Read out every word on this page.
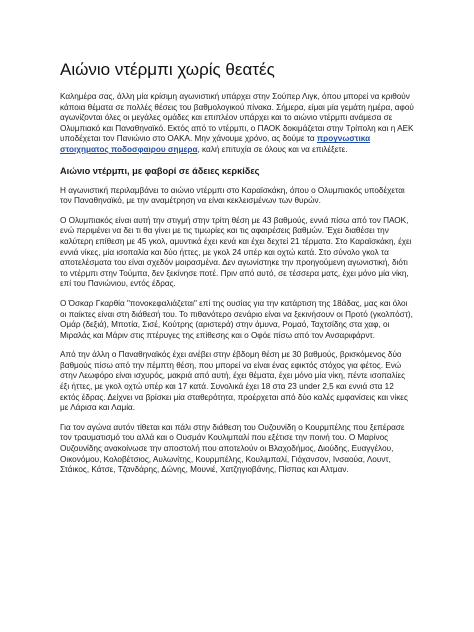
Αιώνιο ντέρμπι χωρίς θεατές

Καλημέρα σας, άλλη μία κρίσιμη αγωνιστική υπάρχει στην Σούπερ Λιγκ, όπου μπορεί να κριθούν κάποια θέματα σε πολλές θέσεις του βαθμολογικού πίνακα. Σήμερα, είμαι μία γεμάτη ημέρα, αφού αγωνίζονται όλες οι μεγάλες ομάδες και επιπλέον υπάρχει και το αιώνιο ντέρμπι ανάμεσα σε Ολυμπιακό και Παναθηναϊκό. Εκτός από το ντέρμπι, ο ΠΑΟΚ δοκιμάζεται στην Τρίπολη και η ΑΕΚ υποδέχεται τον Πανιώνιο στο ΟΑΚΑ. Μην χάνουμε χρόνο, ας δούμε τα προγνωστικα στοιχηματος ποδοσφαιρου σημερα, καλή επιτυχία σε όλους και να επιλέξετε.

Αιώνιο ντέρμπι, με φαβορί σε άδειες κερκίδες

Η αγωνιστική περιλαμβάνει το αιώνιο ντέρμπι στο Καραϊσκάκη, όπου ο Ολυμπιακός υποδέχεται τον Παναθηναϊκό, με την αναμέτρηση να είναι κεκλεισμένων των θυρών.

Ο Ολυμπιακός είναι αυτή την στιγμή στην τρίτη θέση με 43 βαθμούς, εννιά πίσω από τον ΠΑΟΚ, ενώ περιμένει να δει τι θα γίνει με τις τιμωρίες και τις αφαιρέσεις βαθμών. Έχει διαθέσει την καλύτερη επίθεση με 45 γκολ, αμυντικά έχει κενά και έχει δεχτεί 21 τέρματα. Στο Καραϊσκάκη, έχει εννιά νίκες, μία ισοπαλία και δύο ήττες, με γκολ 24 υπέρ και οχτώ κατά. Στο σύνολο γκολ τα αποτελέσματα του είναι σχεδόν μοιρασμένα. Δεν αγωνίστηκε την προηγούμενη αγωνιστική, διότι το ντέρμπι στην Τούμπα, δεν ξεκίνησε ποτέ. Πριν από αυτό, σε τέσσερα ματς, έχει μόνο μία νίκη, επί του Πανιώνιου, εντός έδρας.

Ο Όσκαρ Γκαρθία "πονοκεφαλιάζεται" επί της ουσίας για την κατάρτιση της 18άδας, μας και όλοι οι παίκτες είναι στη διάθεσή του. Το πιθανότερο σενάριο είναι να ξεκινήσουν οι Προτό (γκολπόστ), Ομάρ (δεξιά), Μποτία, Σισέ, Κούτρης (αριστερά) στην άμυνα, Ρομαό, Ταχτσίδης στα χαφ, οι Μιραλάς και Μάριν στις πτέρυγες της επίθεσης και ο Οφόε πίσω από τον Ανσαριφάρντ.

Από την άλλη ο Παναθηναϊκός έχει ανέβει στην έβδομη θέση με 30 βαθμούς, βρισκόμενος δύο βαθμούς πίσω από την πέμπτη θέση, που μπορεί να είναι ένας εφικτός στόχος για φέτος. Ενώ στην Λεωφόρο είναι ισχυρός, μακριά από αυτή, έχει θέματα, έχει μόνο μία νίκη, πέντε ισοπαλίες έξι ήττες, με γκολ οχτώ υπέρ και 17 κατά. Συνολικά έχει 18 στα 23 under 2,5 και εννιά στα 12 εκτός έδρας. Δείχνει να βρίσκει μία σταθερότητα, προέρχεται από δύο καλές εμφανίσεις και νίκες με Λάρισα και Λαμία.

Για τον αγώνα αυτόν τίθεται και πάλι στην διάθεση του Ουζουνίδη ο Κουρμπέλης που ξεπέρασε τον τραυματισμό του αλλά και ο Ουσμάν Κουλιμπαλί που εξέτισε την ποινή του. Ο Μαρίνος Ουζουνίδης ανακοίνωσε την αποστολή που αποτελούν οι Βλαχοδήμος, Διούδης, Ευαγγέλου, Οικονόμου, Κολοβέτσιος, Αυλωνίτης, Κουρμπέλης, Κουλιμπαλί, Γιόχανσον, Ινσαούα, Λουντ, Στάικος, Κάτσε, Τζανδάρης, Δώνης, Μουνιέ, Χατζηγιοβάνης, Πίσπας και Αλτμαν.
